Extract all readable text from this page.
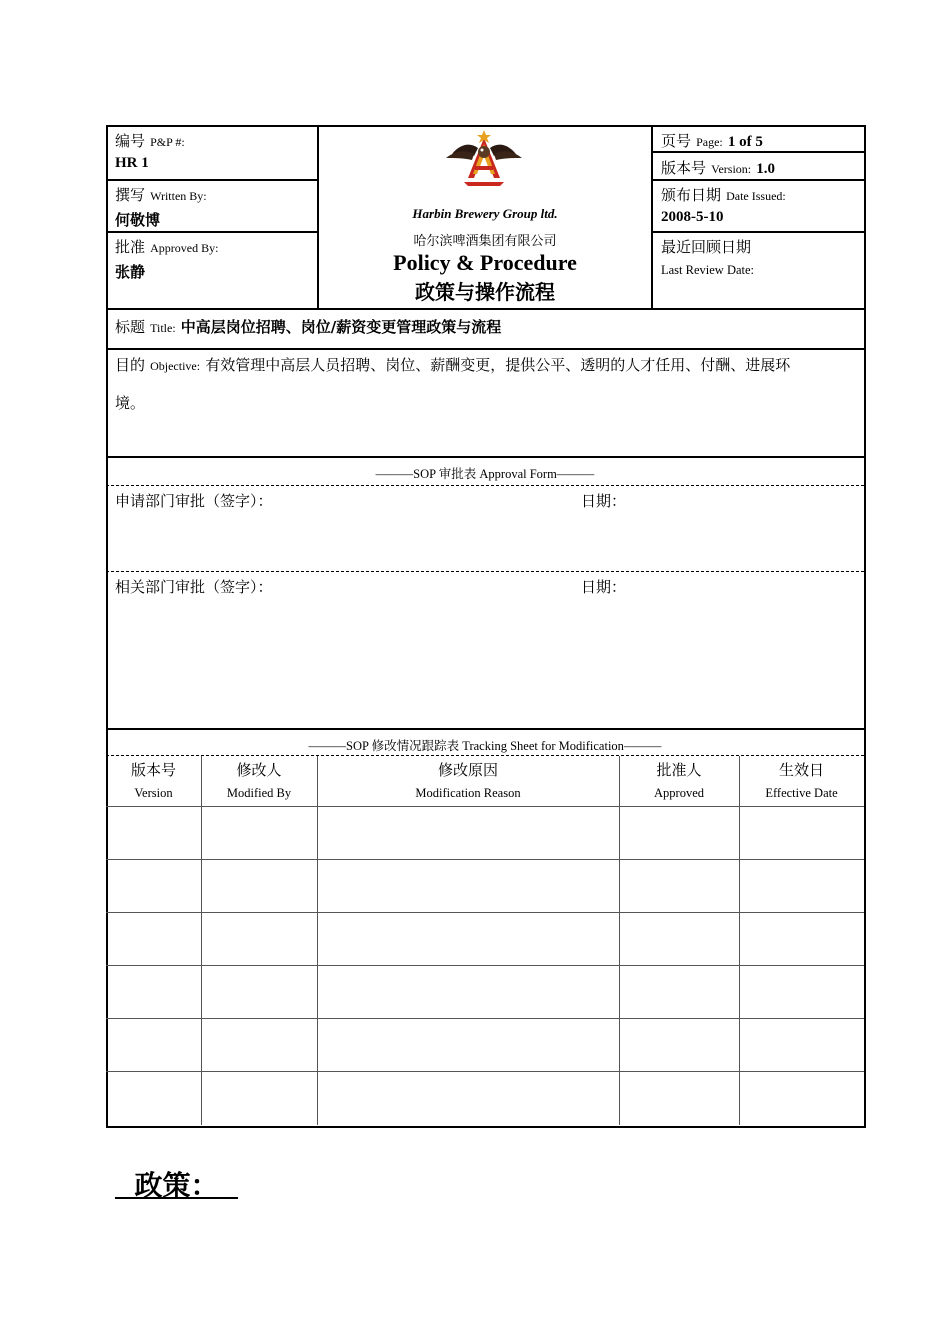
编号 P&P #:
HR 1
撰写 Written By:
何敬博
批准 Approved By:
张静
Harbin Brewery Group ltd.
哈尔滨啤酒集团有限公司
Policy & Procedure
政策与操作流程
页号 Page: 1 of 5
版本号 Version: 1.0
颁布日期 Date Issued:
2008-5-10
最近回顾日期
Last Review Date:
标题 Title: 中高层岗位招聘、岗位/薪资变更管理政策与流程
目的 Objective: 有效管理中高层人员招聘、岗位、薪酬变更，提供公平、透明的人才任用、付酬、进展环
境。
———SOP 审批表 Approval Form———
申请部门审批（签字）：	日期：
相关部门审批（签字）：	日期：
———SOP 修改情况跟踪表 Tracking Sheet for Modification———
版本号
Version
修改人
Modified By
修改原因
Modification Reason
批准人
Approved
生效日
Effective Date

政策：
